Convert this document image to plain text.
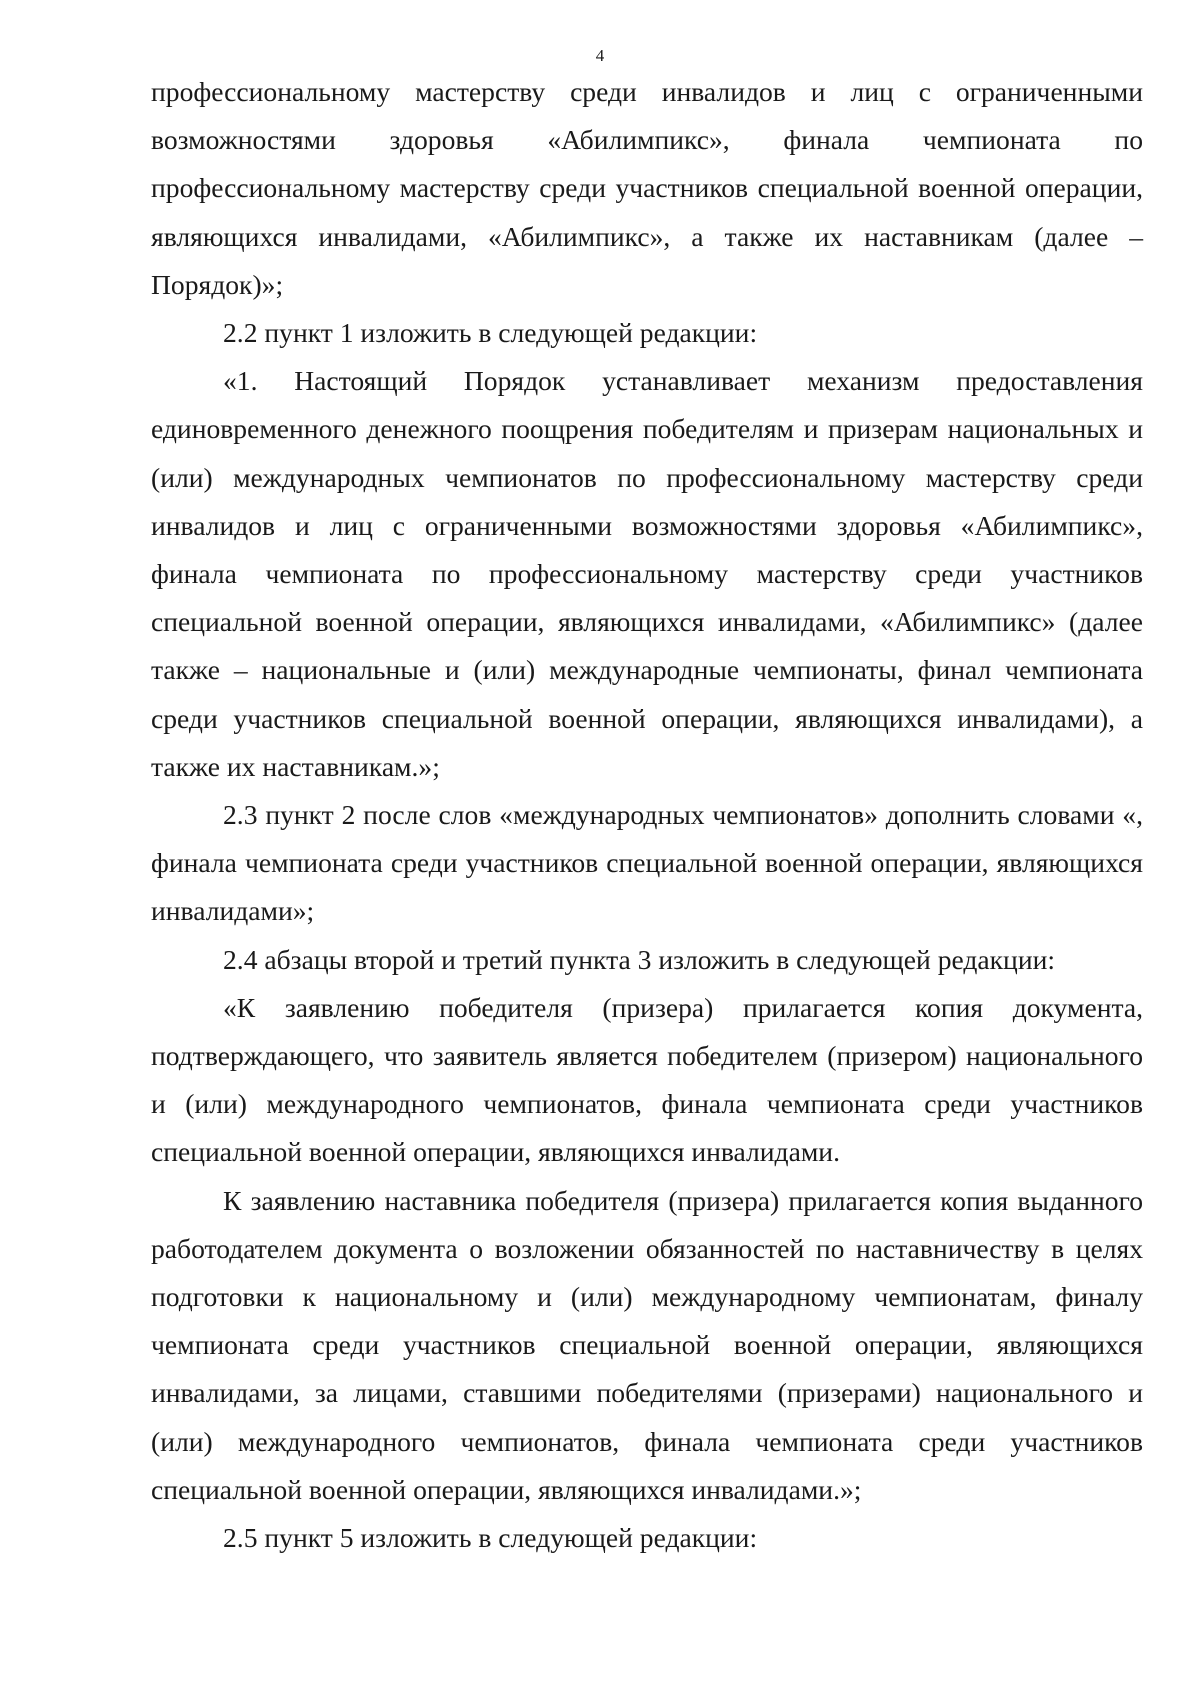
4

профессиональному мастерству среди инвалидов и лиц с ограниченными возможностями здоровья «Абилимпикс», финала чемпионата по профессиональному мастерству среди участников специальной военной операции, являющихся инвалидами, «Абилимпикс», а также их наставникам (далее – Порядок)»;

2.2 пункт 1 изложить в следующей редакции:

«1. Настоящий Порядок устанавливает механизм предоставления единовременного денежного поощрения победителям и призерам национальных и (или) международных чемпионатов по профессиональному мастерству среди инвалидов и лиц с ограниченными возможностями здоровья «Абилимпикс», финала чемпионата по профессиональному мастерству среди участников специальной военной операции, являющихся инвалидами, «Абилимпикс» (далее также – национальные и (или) международные чемпионаты, финал чемпионата среди участников специальной военной операции, являющихся инвалидами), а также их наставникам.»;

2.3 пункт 2 после слов «международных чемпионатов» дополнить словами «, финала чемпионата среди участников специальной военной операции, являющихся инвалидами»;

2.4 абзацы второй и третий пункта 3 изложить в следующей редакции:

«К заявлению победителя (призера) прилагается копия документа, подтверждающего, что заявитель является победителем (призером) национального и (или) международного чемпионатов, финала чемпионата среди участников специальной военной операции, являющихся инвалидами.

К заявлению наставника победителя (призера) прилагается копия выданного работодателем документа о возложении обязанностей по наставничеству в целях подготовки к национальному и (или) международному чемпионатам, финалу чемпионата среди участников специальной военной операции, являющихся инвалидами, за лицами, ставшими победителями (призерами) национального и (или) международного чемпионатов, финала чемпионата среди участников специальной военной операции, являющихся инвалидами.»;

2.5 пункт 5 изложить в следующей редакции:
